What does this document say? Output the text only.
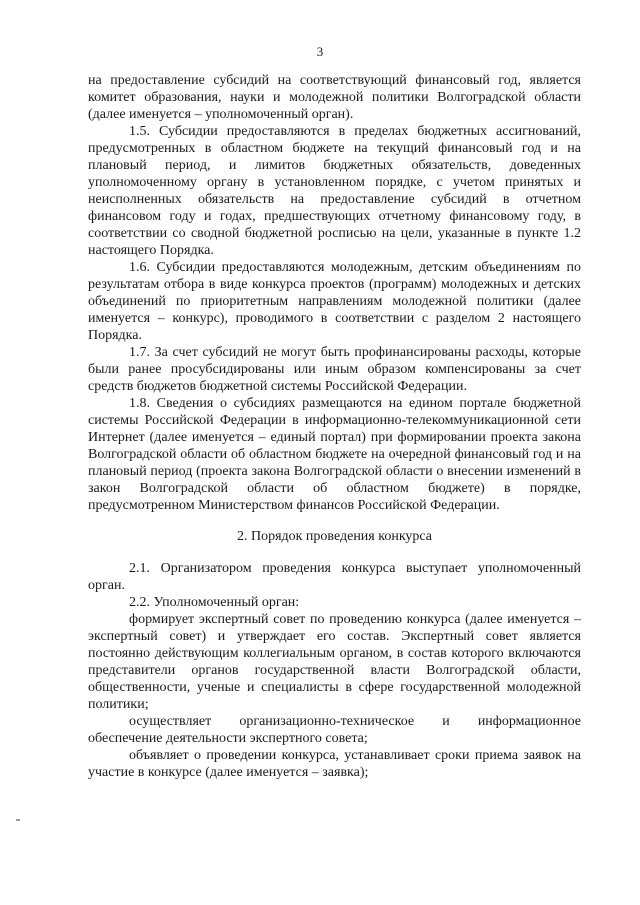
3

на предоставление субсидий на соответствующий финансовый год, является комитет образования, науки и молодежной политики Волгоградской области (далее именуется – уполномоченный орган).

1.5. Субсидии предоставляются в пределах бюджетных ассигнований, предусмотренных в областном бюджете на текущий финансовый год и на плановый период, и лимитов бюджетных обязательств, доведенных уполномоченному органу в установленном порядке, с учетом принятых и неисполненных обязательств на предоставление субсидий в отчетном финансовом году и годах, предшествующих отчетному финансовому году, в соответствии со сводной бюджетной росписью на цели, указанные в пункте 1.2 настоящего Порядка.

1.6. Субсидии предоставляются молодежным, детским объединениям по результатам отбора в виде конкурса проектов (программ) молодежных и детских объединений по приоритетным направлениям молодежной политики (далее именуется – конкурс), проводимого в соответствии с разделом 2 настоящего Порядка.

1.7. За счет субсидий не могут быть профинансированы расходы, которые были ранее просубсидированы или иным образом компенсированы за счет средств бюджетов бюджетной системы Российской Федерации.

1.8. Сведения о субсидиях размещаются на едином портале бюджетной системы Российской Федерации в информационно-телекоммуникационной сети Интернет (далее именуется – единый портал) при формировании проекта закона Волгоградской области об областном бюджете на очередной финансовый год и на плановый период (проекта закона Волгоградской области о внесении изменений в закон Волгоградской области об областном бюджете) в порядке, предусмотренном Министерством финансов Российской Федерации.

2. Порядок проведения конкурса

2.1. Организатором проведения конкурса выступает уполномоченный орган.

2.2. Уполномоченный орган:

формирует экспертный совет по проведению конкурса (далее именуется – экспертный совет) и утверждает его состав. Экспертный совет является постоянно действующим коллегиальным органом, в состав которого включаются представители органов государственной власти Волгоградской области, общественности, ученые и специалисты в сфере государственной молодежной политики;

осуществляет организационно-техническое и информационное обеспечение деятельности экспертного совета;

объявляет о проведении конкурса, устанавливает сроки приема заявок на участие в конкурсе (далее именуется – заявка);
